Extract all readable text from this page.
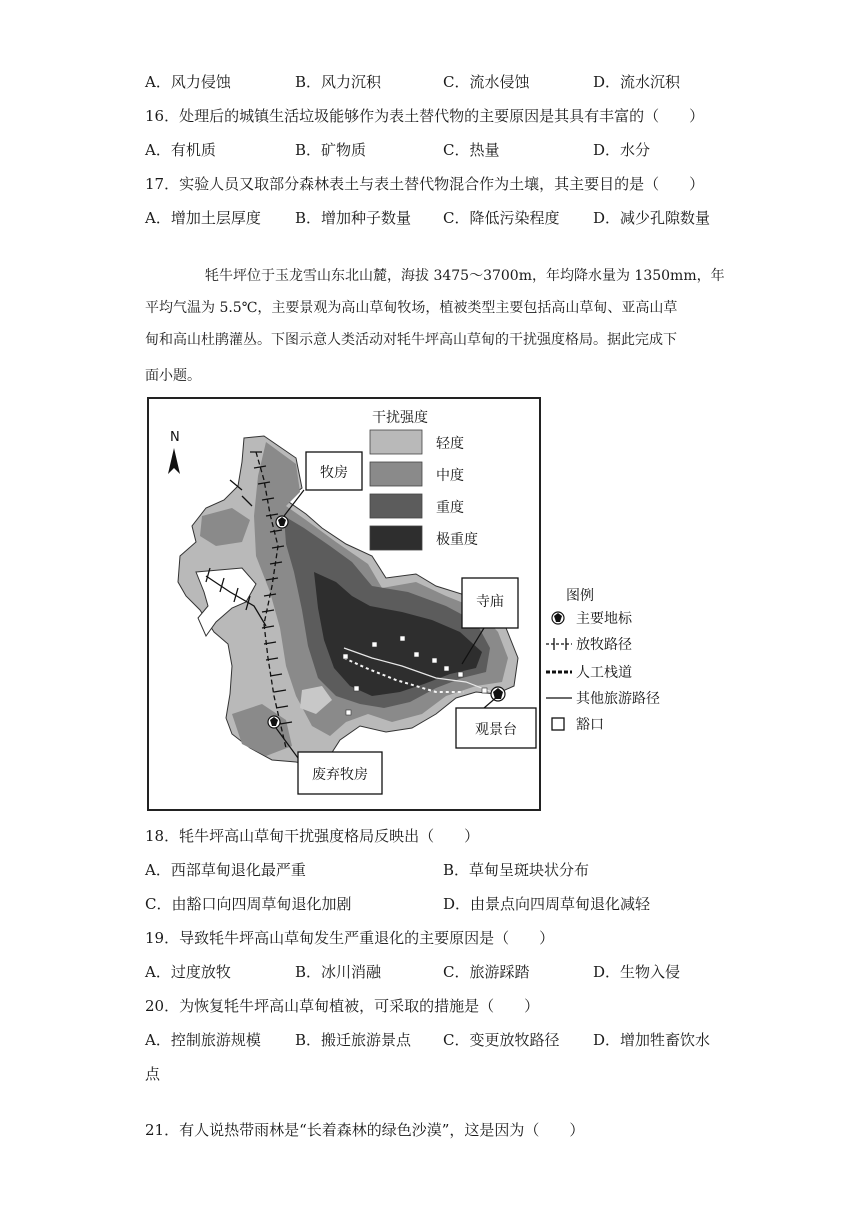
A．风力侵蚀	B．风力沉积	C．流水侵蚀	D．流水沉积
16．处理后的城镇生活垃圾能够作为表土替代物的主要原因是其具有丰富的（　　）
A．有机质	B．矿物质	C．热量	D．水分
17．实验人员又取部分森林表土与表土替代物混合作为土壤，其主要目的是（　　）
A．增加土层厚度 B．增加种子数量 C．降低污染程度 D．减少孔隙数量
牦牛坪位于玉龙雪山东北山麓，海拔 3475～3700m，年均降水量为 1350mm，年
平均气温为 5.5℃，主要景观为高山草甸牧场，植被类型主要包括高山草甸、亚高山草
甸和高山杜鹃灌丛。下图示意人类活动对牦牛坪高山草甸的干扰强度格局。据此完成下
面小题。
N
牧房
寺庙
观景台
废弃牧房
干扰强度
轻度
中度
重度
极重度
图例
主要地标
放牧路径
人工栈道
其他旅游路径
豁口
18．牦牛坪高山草甸干扰强度格局反映出（　　）
A．西部草甸退化最严重	B．草甸呈斑块状分布
C．由豁口向四周草甸退化加剧	D．由景点向四周草甸退化减轻
19．导致牦牛坪高山草甸发生严重退化的主要原因是（　　）
A．过度放牧	B．冰川消融	C．旅游踩踏	D．生物入侵
20．为恢复牦牛坪高山草甸植被，可采取的措施是（　　）
A．控制旅游规模 B．搬迁旅游景点 C．变更放牧路径 D．增加牲畜饮水
点
21．有人说热带雨林是“长着森林的绿色沙漠”，这是因为（　　）
